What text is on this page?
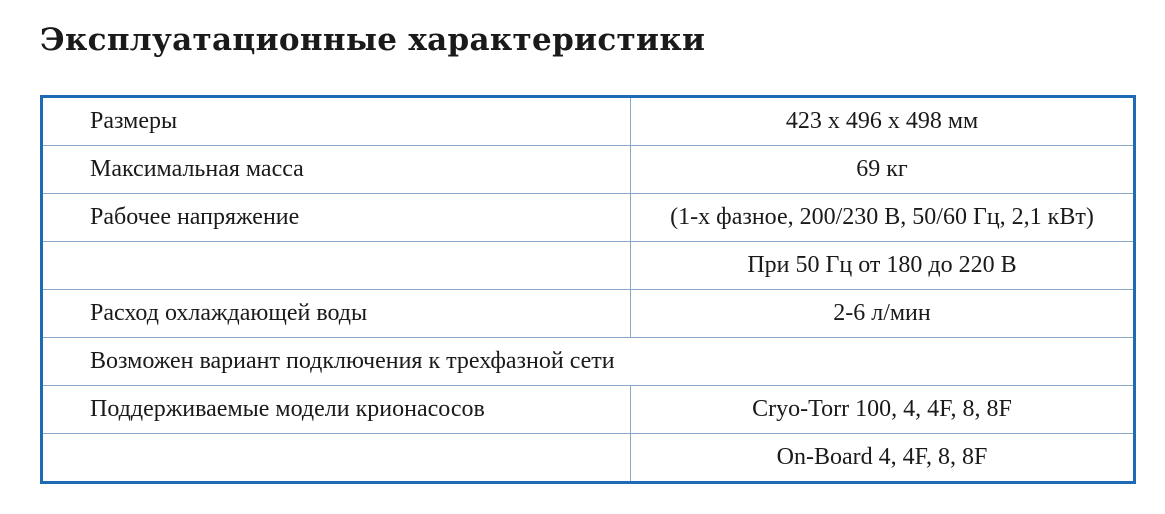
Эксплуатационные характеристики
Размеры	423 х 496 х 498 мм
Максимальная масса	69 кг
Рабочее напряжение	(1-х фазное, 200/230 В, 50/60 Гц, 2,1 кВт)
	При 50 Гц от 180 до 220 В
Расход охлаждающей воды	2-6 л/мин
Возможен вариант подключения к трехфазной сети	
Поддерживаемые модели крионасосов	Cryo-Torr 100, 4, 4F, 8, 8F
	On-Board 4, 4F, 8, 8F
